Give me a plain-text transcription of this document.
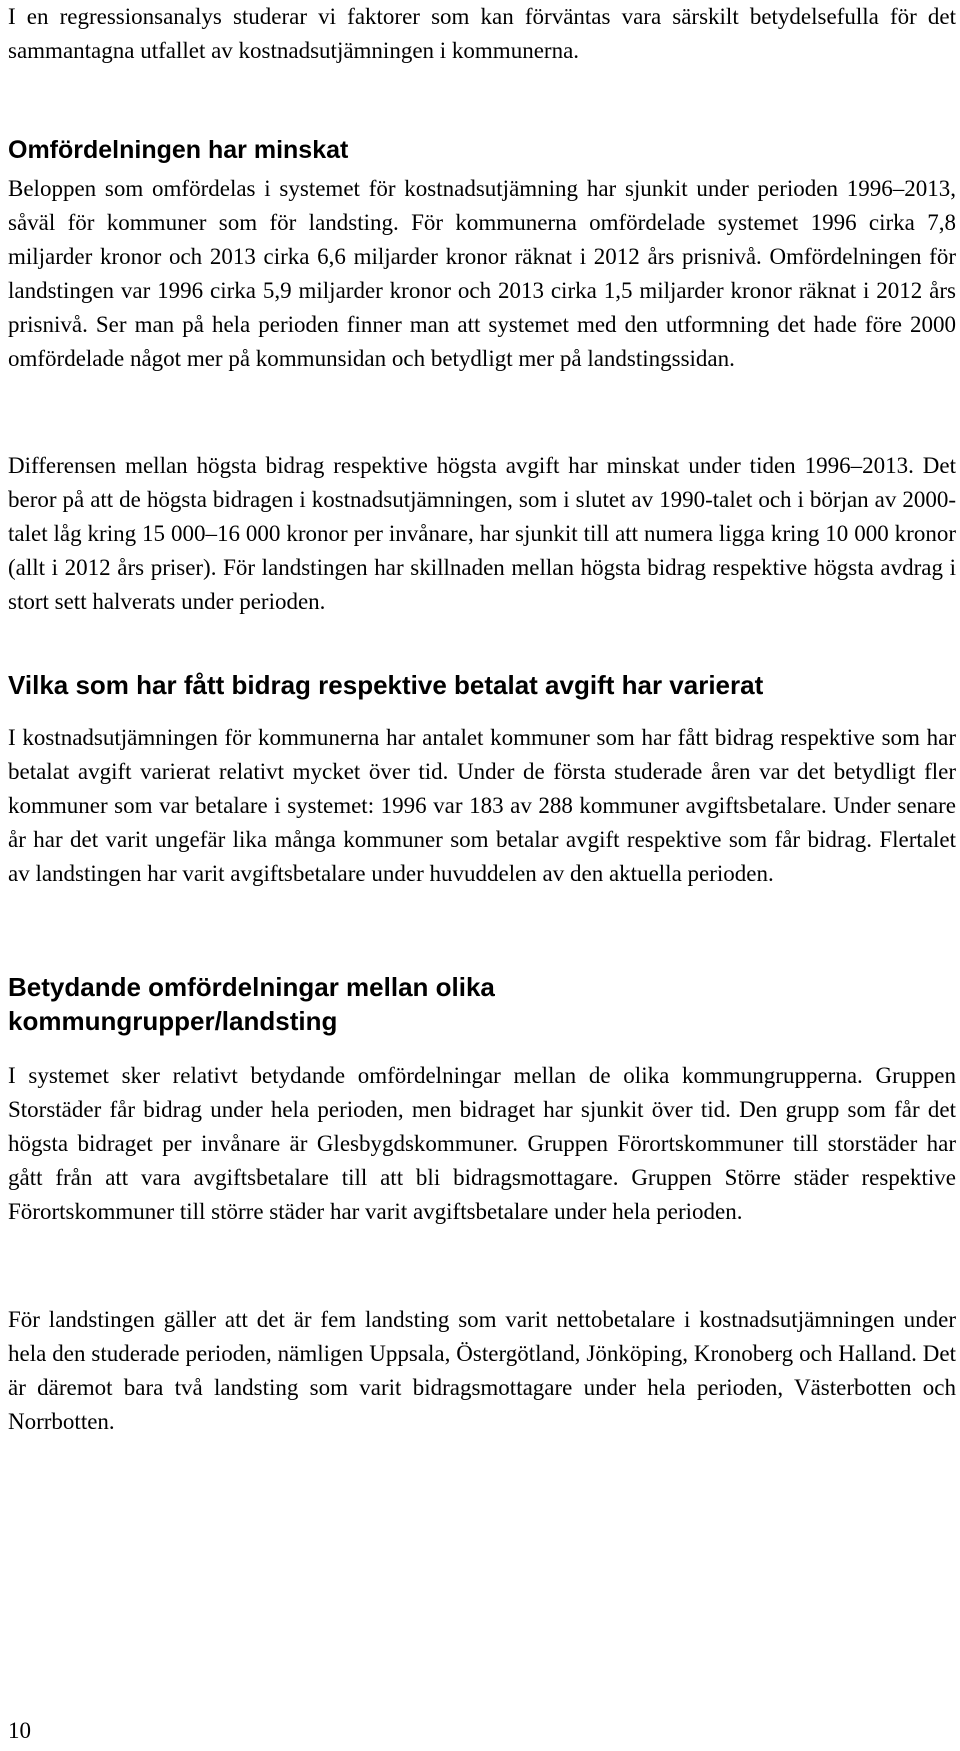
I en regressionsanalys studerar vi faktorer som kan förväntas vara särskilt betydelsefulla för det sammantagna utfallet av kostnadsutjämningen i kommunerna.

Omfördelningen har minskat

Beloppen som omfördelas i systemet för kostnadsutjämning har sjunkit under perioden 1996–2013, såväl för kommuner som för landsting. För kommunerna omfördelade systemet 1996 cirka 7,8 miljarder kronor och 2013 cirka 6,6 miljarder kronor räknat i 2012 års prisnivå. Omfördelningen för landstingen var 1996 cirka 5,9 miljarder kronor och 2013 cirka 1,5 miljarder kronor räknat i 2012 års prisnivå. Ser man på hela perioden finner man att systemet med den utformning det hade före 2000 omfördelade något mer på kommunsidan och betydligt mer på landstingssidan.

Differensen mellan högsta bidrag respektive högsta avgift har minskat under tiden 1996–2013. Det beror på att de högsta bidragen i kostnadsutjämningen, som i slutet av 1990-talet och i början av 2000-talet låg kring 15 000–16 000 kronor per invånare, har sjunkit till att numera ligga kring 10 000 kronor (allt i 2012 års priser). För landstingen har skillnaden mellan högsta bidrag respektive högsta avdrag i stort sett halverats under perioden.

Vilka som har fått bidrag respektive betalat avgift har varierat

I kostnadsutjämningen för kommunerna har antalet kommuner som har fått bidrag respektive som har betalat avgift varierat relativt mycket över tid. Under de första studerade åren var det betydligt fler kommuner som var betalare i systemet: 1996 var 183 av 288 kommuner avgiftsbetalare. Under senare år har det varit ungefär lika många kommuner som betalar avgift respektive som får bidrag. Flertalet av landstingen har varit avgiftsbetalare under huvuddelen av den aktuella perioden.

Betydande omfördelningar mellan olika kommungrupper/landsting

I systemet sker relativt betydande omfördelningar mellan de olika kommungrupperna. Gruppen Storstäder får bidrag under hela perioden, men bidraget har sjunkit över tid. Den grupp som får det högsta bidraget per invånare är Glesbygdskommuner. Gruppen Förortskommuner till storstäder har gått från att vara avgiftsbetalare till att bli bidragsmottagare. Gruppen Större städer respektive Förortskommuner till större städer har varit avgiftsbetalare under hela perioden.

För landstingen gäller att det är fem landsting som varit nettobetalare i kostnadsutjämningen under hela den studerade perioden, nämligen Uppsala, Östergötland, Jönköping, Kronoberg och Halland. Det är däremot bara två landsting som varit bidragsmottagare under hela perioden, Västerbotten och Norrbotten.

10
